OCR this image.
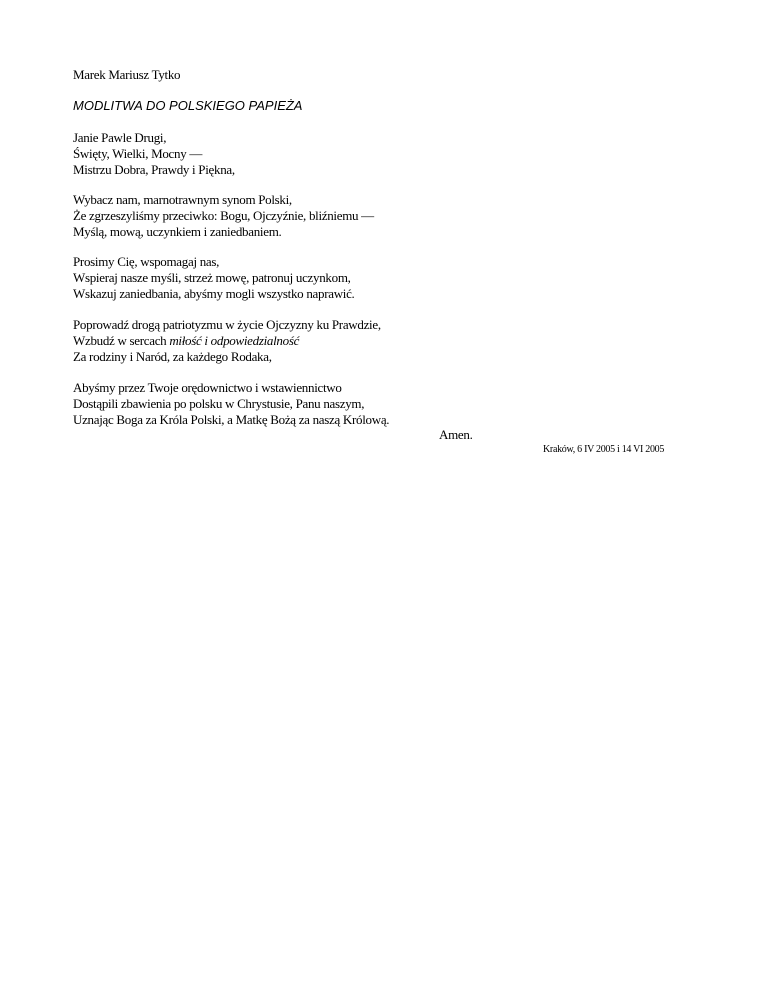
Marek Mariusz Tytko
MODLITWA DO POLSKIEGO PAPIEŻA
Janie Pawle Drugi,
Święty, Wielki, Mocny —
Mistrzu Dobra, Prawdy i Piękna,
Wybacz nam, marnotrawnym synom Polski,
Że zgrzeszyliśmy przeciwko: Bogu, Ojczyźnie, bliźniemu —
Myślą, mową, uczynkiem i zaniedbaniem.
Prosimy Cię, wspomagaj nas,
Wspieraj nasze myśli, strzeż mowę, patronuj uczynkom,
Wskazuj zaniedbania, abyśmy mogli wszystko naprawić.
Poprowadź drogą patriotyzmu w życie Ojczyzny ku Prawdzie,
Wzbudź w sercach miłość i odpowiedzialność
Za rodziny i Naród, za każdego Rodaka,
Abyśmy przez Twoje orędownictwo i wstawiennictwo
Dostąpili zbawienia po polsku w Chrystusie, Panu naszym,
Uznając Boga za Króla Polski, a Matkę Bożą za naszą Królową.
Amen.
Kraków, 6 IV 2005 i 14 VI 2005
